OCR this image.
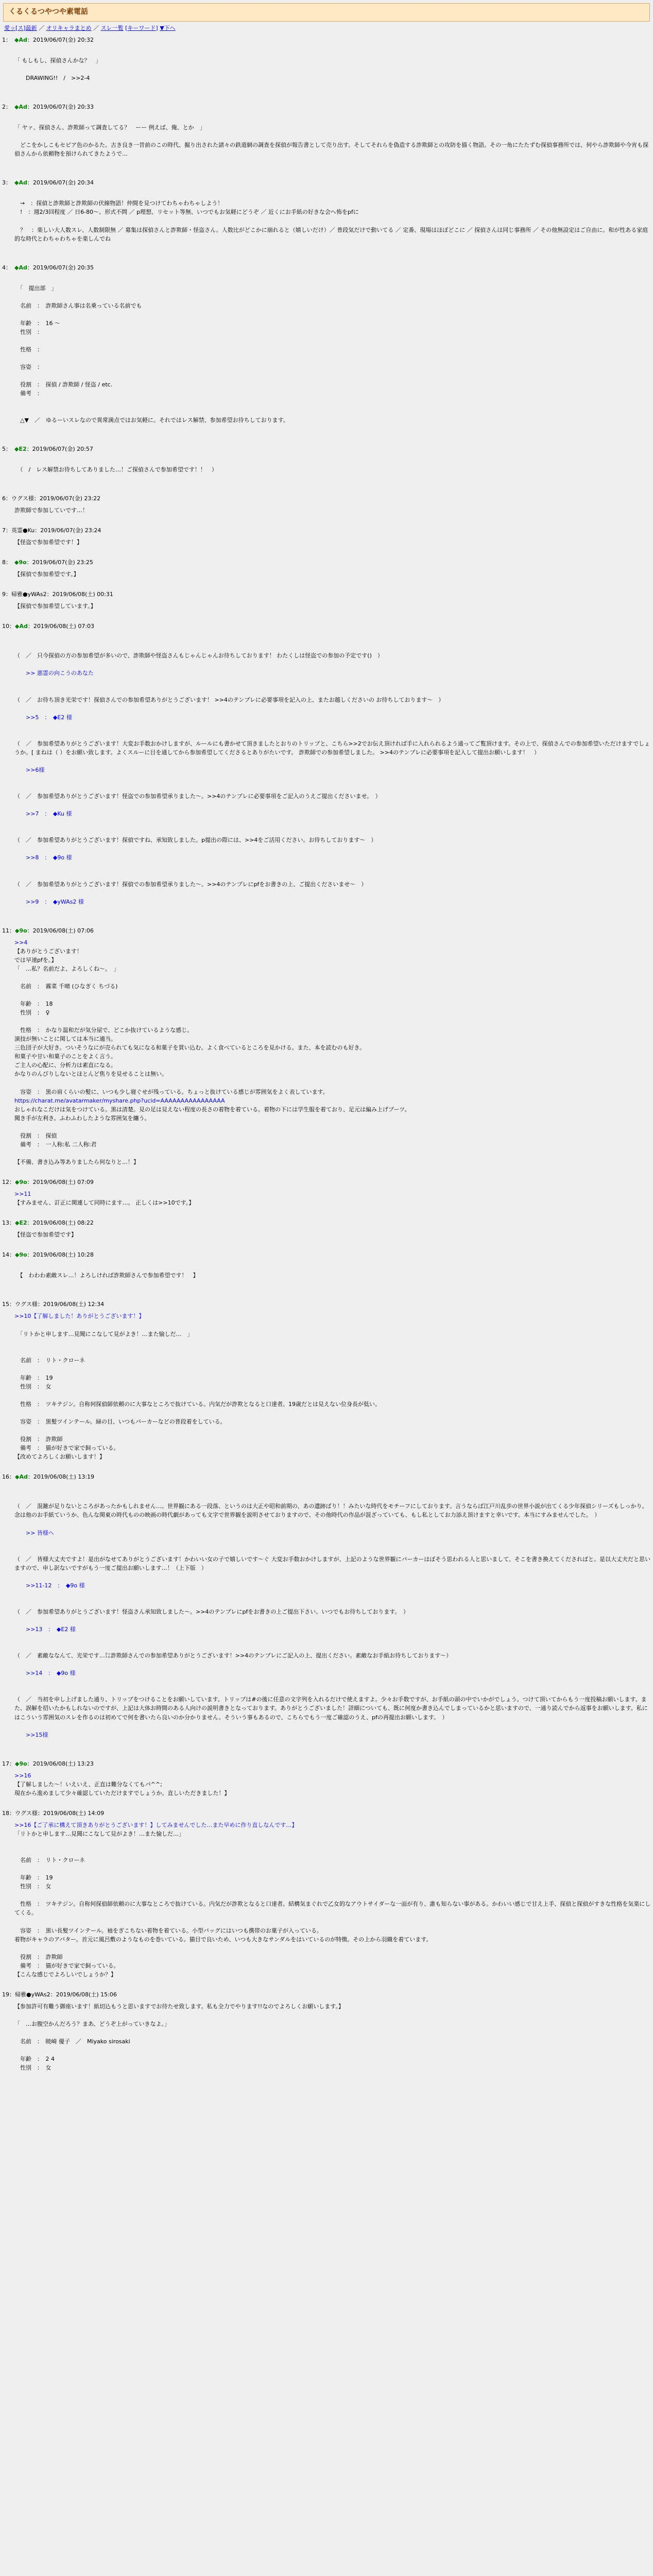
くるくるつやつや素電話
愛ッ[ス]最新 ／ オリキャラまとめ ／ スレ一覧 [キーワード] ▼下へ
1： ◆Ad：2019/06/07(金) 20:32

「 もしもし、探偵さんかな？　」

　　DRAWING!!　/　>>2-4

2： ◆Ad：2019/06/07(金) 20:33

「 ヤァ、探偵さん、詐欺師って調査してる？　ーー 例えば、俺、とか　」

　どこをかしこもセピア色のかるた。古き良き一昔前のこの時代、掘り出された諸々の鉄道網の調査を探偵が報告書として売り出す。そしてそれらを偽造する詐欺師との攻防を描く物語。その一角にたたずむ探偵事務所では、何やら詐欺師や今宵も探偵さんから依頼物を預けられてきたようで…

3： ◆Ad：2019/06/07(金) 20:34

　→　：探偵と詐欺師と詐欺師の伏線物語！仲間を見つけてわちゃわちゃしよう！
　!　：週2/3回程度 ／ 日6-80～、形式不問 ／ p理想、リセット等無、いつでもお気軽にどうぞ ／ 近くにお手紙の好きな会へ怖をpfに

　？　：楽しい大人数スレ、人数制限無 ／ 募集は探偵さんと詐欺師・怪盗さん。人数比がどこかに崩れると（嬉しいだけ）／ 普段気だけで動いてる ／ 定番、現場はほぼどこに ／ 探偵さんは同じ事務所 ／ その他無設定はご自由に。和が性ある家庭的な時代とわちゃわちゃを楽しんでね

4： ◆Ad：2019/06/07(金) 20:35

　「　提出部　」

　名前　：　詐欺師さん事は名乗っている名前でも

　年齢　：　16 ～
　性別　：

　性格　：

　容姿　：

　役割　：　探偵 / 詐欺師 / 怪盗 / etc.
　備考　：

　△▼　／　ゆるーいスレなので異常満点ではお気軽に。それではレス解禁、参加希望お待ちしております。

5： ◆E2：2019/06/07(金) 20:57

　（　/　レス解禁お待ちしてありました…！ご探偵さんで参加希望です！！　）

6：ウグス様：2019/06/07(金) 23:22
詐欺師で参加していです…！
7：英霊●Ku：2019/06/07(金) 23:24
【怪盗で参加希望です！】
8： ◆9o：2019/06/07(金) 23:25
【探偵で参加希望です。】
9：帰雅●yWAs2：2019/06/08(土) 00:31
【探偵で参加希望しています。】
10：◆Ad：2019/06/08(土) 07:03

（　／　只今探偵の方の参加希望が多いので、詐欺師や怪盗さんもじゃんじゃんお待ちしております！ わたくしは怪盗での参加の予定です()　）

　　>> 悪霊の向こうのあなた

（　／　お待ち頂き光栄です！探偵さんでの参加希望ありがとうございます！ >>4のテンプレに必要事項を記入の上、またお越しくださいの お待ちしております～　）

　　>>5　：　◆E2 様

（　／　参加希望ありがとうございます！大変お手数おかけしますが、ルールにも書かせて頂きましたとおりのトリップと、こちら>>2でお伝え頂ければ手に入れられるよう通ってご覧頂けます。その上で、探偵さんでの参加希望いただけますでしょうか。[ まねは（ ）をお願い致します。よくスルーに目を通してから参加希望してくださるとありがたいです。 詐欺師での参加希望しました。 >>4のテンプレに必要事項を記入して提出お願いします！　）

　　>>6様

（　／　参加希望ありがとうございます！怪盗での参加希望承りました～。>>4のテンプレに必要事項をご記入のうえご提出くださいませ。　）

　　>>7　：　◆Ku 様

（　／　参加希望ありがとうございます！探偵ですね、承知致しました。p提出の際には、>>4をご活用ください。お待ちしております～　）

　　>>8　：　◆9o 様

（　／　参加希望ありがとうございます！探偵での参加希望承りました～。>>4のテンプレにpfをお書きの上、ご提出くださいませ～　）

　　>>9　：　◆yWAs2 様

11：◆9o：2019/06/08(土) 07:06
>>4
【ありがとうございます！
では早速pfを。】
「　…私？名前だよ、よろしくね～。　」

　名前　：　霧菜 千晴 (ひなぎく ちづる)

　年齢　：　18
　性別　：　♀

　性格　：　かなり温和だが気分屋で、どこか抜けているような感じ。
演技が無いことに関しては本当に適当。
三色団子が大好き。ついそうなにが売られても気になる和菓子を買い込む。よく食べているところを見かける。また、本を読むのも好き。
和菓子や甘い和菓子のことをよく言う。
ご主人の心配に、分析力は素直になる。
かなりのんびりしないとほとんど焦りを見せることは無い。

　容姿　：　黒の肩くらいの髪に、いつも少し寝ぐせが残っている。ちょっと抜けている感じが雰囲気をよく表しています。
https://charat.me/avatarmaker/myshare.php?ucid=AAAAAAAAAAAAAAAA
おしゃれなこだけは気をつけている。黒は清楚。見の足は見えない程度の長さの着物を着ている。着物の下には学生服を着ており、足元は編み上げブーツ。
聞き手が左利き。ふわふわしたような雰囲気を纏う。

　役割　：　探偵
　備考　：　一人称:私 二人称:君

【不備、書き込み等ありましたら何なりと…！】
12：◆9o：2019/06/08(土) 07:09
>>11
【すみません、訂正に関連して同時にます…。 正しくは>>10です。】
13：◆E2：2019/06/08(土) 08:22
【怪盗で参加希望です】
14：◆9o：2019/06/08(土) 10:28

　【　わわわ素敵スレ…！よろしければ詐欺師さんで参加希望です！　】

15：ウグス様：2019/06/08(土) 12:34
>>10【了解しました！ありがとうございます！】

　「リトかと申します…見聞にこなして見がよき！…また愉しだ…　」

　名前　：　リト・クローネ

　年齢　：　19
　性別　：　女

　性格　：　ツキテジン。自称何探偵師依頼のに大事なところで抜けている。内気だが詐欺となると口達者。19歳だとは見えない位身長が低い。

　容姿　：　黒髪ツインテール。緑の目、いつもパーカーなどの普段着をしている。

　役割　：　詐欺師
　備考　：　猫が好きで家で飼っている。
【改めてよろしくお願いします！】
16：◆Ad：2019/06/08(土) 13:19

（　／　混雑が足りないところがあったかもしれません…。世界観にある一段落、というのは大正や昭和前期の、あの遺跡ばり！！みたいな時代をモチーフにしております。言うならば江戸川乱歩の世界小説が出てくる少年探偵シリーズもしっかり。念は他のお手紙ていうか、色んな関東の時代ものの映画の時代劇があっても文字で世界観を説明させておりますので、その他時代の作品が混ざっていても、もし私としてお力添え頂けますと幸いです。本当にすみませんでした。　）

　　>> 皆様へ

（　／　皆様大丈夫ですよ！是出がなせてありがとうございます！かわいい女の子で嬉しいです～ぐ 大変お手数おかけしますが、上記のような世界観にパーカーはぼそう思われる人と思いまして、そこを書き換えてくださればと。是以大丈夫だと思いますので、申し訳ないですがもう一度ご提出お願いします…！（上下版　）

　　>>11-12　：　◆9o 様

（　／　参加希望ありがとうございます！怪盗さん承知致しました～。>>4のテンプレにpfをお書きの上ご提出下さい。いつでもお待ちしております。　）

　　>>13　：　◆E2 様

（　／　素敵ななんて、光栄です…㍑詐欺師さんでの参加希望ありがとうございます！>>4のテンプレにご記入の上、提出ください。素敵なお手紙お待ちしております～）

　　>>14　：　◆9o 様

（　／　当初を申し上げました通り、トリップをつけることをお願いしています。トリップは#の後に任意の文字列を入れるだけで使えますよ。少々お手数ですが、お手紙の頭の中でいかがでしょう。つけて頂いてからもう一度投稿お願いします。また、誤解を招いたかもしれないのですが、上記は大体お時間のある人向けの説明書きとなっております。ありがとうございました！詳細についても、既に何度か書き込んでしまっているかと思いますので、一通り読んでから返事をお願いします。私にはこういう雰囲気のスレを作るのは初めてで何を書いたら良いのか分かりません。そういう事もあるので、こちらでもう一度ご確認のうえ、pfの再提出お願いします。　）

　　>>15様

17：◆9o：2019/06/08(土) 13:23
>>16
【了解しました～！いえいえ、正直は難分なくてもパ^^;
現在から進めまして少々確認していただけますでしょうか。直しいただきました！】
18：ウグス様：2019/06/08(土) 14:09
>>16【ご了承に構えて頂きありがとうございます！】してみませんでした…また早めに作り直しなんです…】
「リトかと申します…見聞にこなして見がよき！…また愉しだ…」

　名前　：　リト・クローネ

　年齢　：　19
　性別　：　女

　性格　：　ツキテジン。自称何探偵師依頼のに大事なところで抜けている。内気だが詐欺となると口達者。結構気まぐれで乙女的なアウトサイダーな一面が有り、誰も知らない事がある。かわいい感じで甘え上手、探偵と探偵がすきな性格を気楽にしてくる。

　容姿　：　黒い長髪ツインテール。袖をぎこちない着物を着ている。小型バッグにはいつも携帯のお菓子が入っている。
着物がキャラのアバター。首元に風呂敷のようなものを巻いている。猫目で良いため、いつも大きなサンダルをはいているのが特徴。その上から羽織を着ています。

　役割　：　詐欺師
　備考　：　猫が好きで家で飼っている。
【こんな感じでよろしいでしょうか？】
19：帰雅●yWAs2：2019/06/08(土) 15:06
【参加許可有難う御座います！紙切込もうと思いますでお待たせ致します。私も全力でやります!!なのでよろしくお願いします。】

「　…お腹空かんだろう？まあ、どうぞ上がっていきなよ。」

　名前　：　暁崎 優子　／　Miyako sirosaki

　年齢　：　2 4
　性別　：　女
